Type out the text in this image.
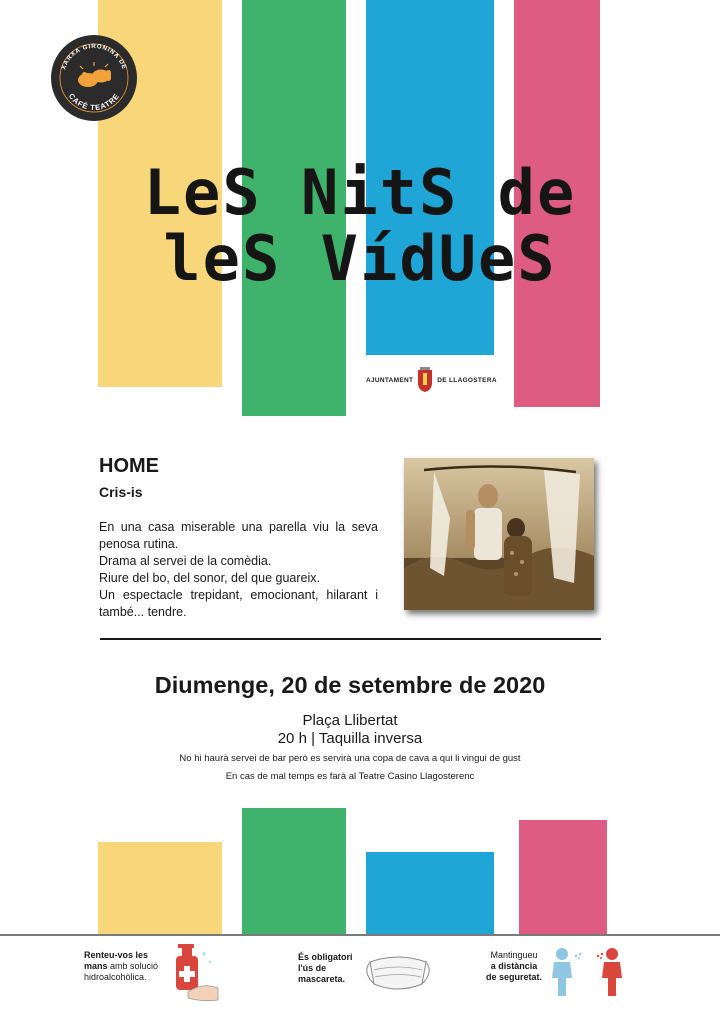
XARXA GIRONINA DE
CAFÈ TEATRE
LeS NitS de
leS VídUeS
AJUNTAMENT	DE LLAGOSTERA
HOME
Cris-is

En una casa miserable una parella viu la seva penosa rutina.

Drama al servei de la comèdia.

Riure del bo, del sonor, del que guareix.

Un espectacle trepidant, emocionant, hilarant i també... tendre.

Diumenge, 20 de setembre de 2020
Plaça Llibertat
20 h | Taquilla inversa
No hi haurà servei de bar però es servirà una copa de cava a qui li vingui de gust
En cas de mal temps es farà al Teatre Casino Llagosterenc
Renteu-vos les
mans amb solució
hidroalcohòlica.
És obligatori
l'ús de
mascareta.
Mantingueu
a distància
de seguretat.
